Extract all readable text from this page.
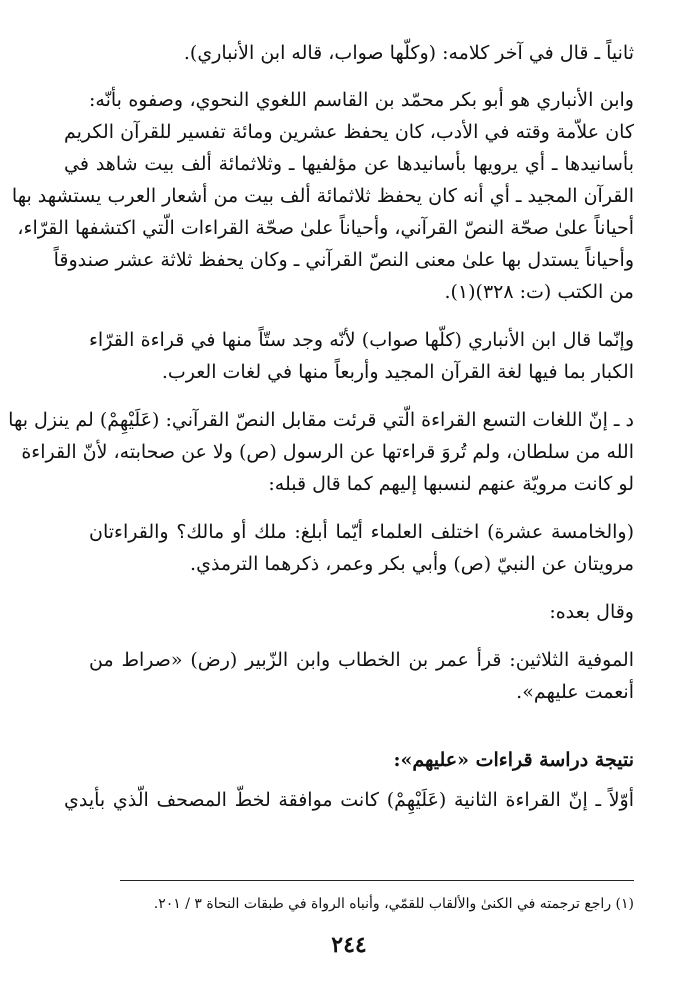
ثانياً ـ قال في آخر كلامه: (وكلّها صواب، قاله ابن الأنباري).
وابن الأنباري هو أبو بكر محمّد بن القاسم اللغوي النحوي، وصفوه بأنّه:
كان علاّمة وقته في الأدب، كان يحفظ عشرين ومائة تفسير للقرآن الكريم
بأسانيدها ـ أي يرويها بأسانيدها عن مؤلفيها ـ وثلاثمائة ألف بيت شاهد في
القرآن المجيد ـ أي أنه كان يحفظ ثلاثمائة ألف بيت من أشعار العرب يستشهد بها
أحياناً علىٰ صحّة النصّ القرآني، وأحياناً علىٰ صحّة القراءات الّتي اكتشفها القرّاء،
وأحياناً يستدل بها علىٰ معنى النصّ القرآني ـ وكان يحفظ ثلاثة عشر صندوقاً
من الكتب (ت: ٣٢٨)(١).
وإنّما قال ابن الأنباري (كلّها صواب) لأنّه وجد ستّاً منها في قراءة القرّاء
الكبار بما فيها لغة القرآن المجيد وأربعاً منها في لغات العرب.
د ـ إنّ اللغات التسع القراءة الّتي قرئت مقابل النصّ القرآني: (عَلَيْهِمْ) لم ينزل بها
الله من سلطان، ولم تُروَ قراءتها عن الرسول (ص) ولا عن صحابته، لأنّ القراءة
لو كانت مرويّة عنهم لنسبها إليهم كما قال قبله:
(والخامسة عشرة) اختلف العلماء أيّما أبلغ: ملك أو مالك؟ والقراءتان
مرويتان عن النبيّ (ص) وأبي بكر وعمر، ذكرهما الترمذي.
وقال بعده:
الموفية الثلاثين: قرأ عمر بن الخطاب وابن الزّبير (رض) «صراط من
أنعمت عليهم».
نتيجة دراسة قراءات «عليهم»:
أوّلاً ـ إنّ القراءة الثانية (عَلَيْهِمْ) كانت موافقة لخطّ المصحف الّذي بأيدي
(١) راجع ترجمته في الكنىٰ والألقاب للقمّي، وأنباه الرواة في طبقات النحاة ٣ / ٢٠١.
٢٤٤
